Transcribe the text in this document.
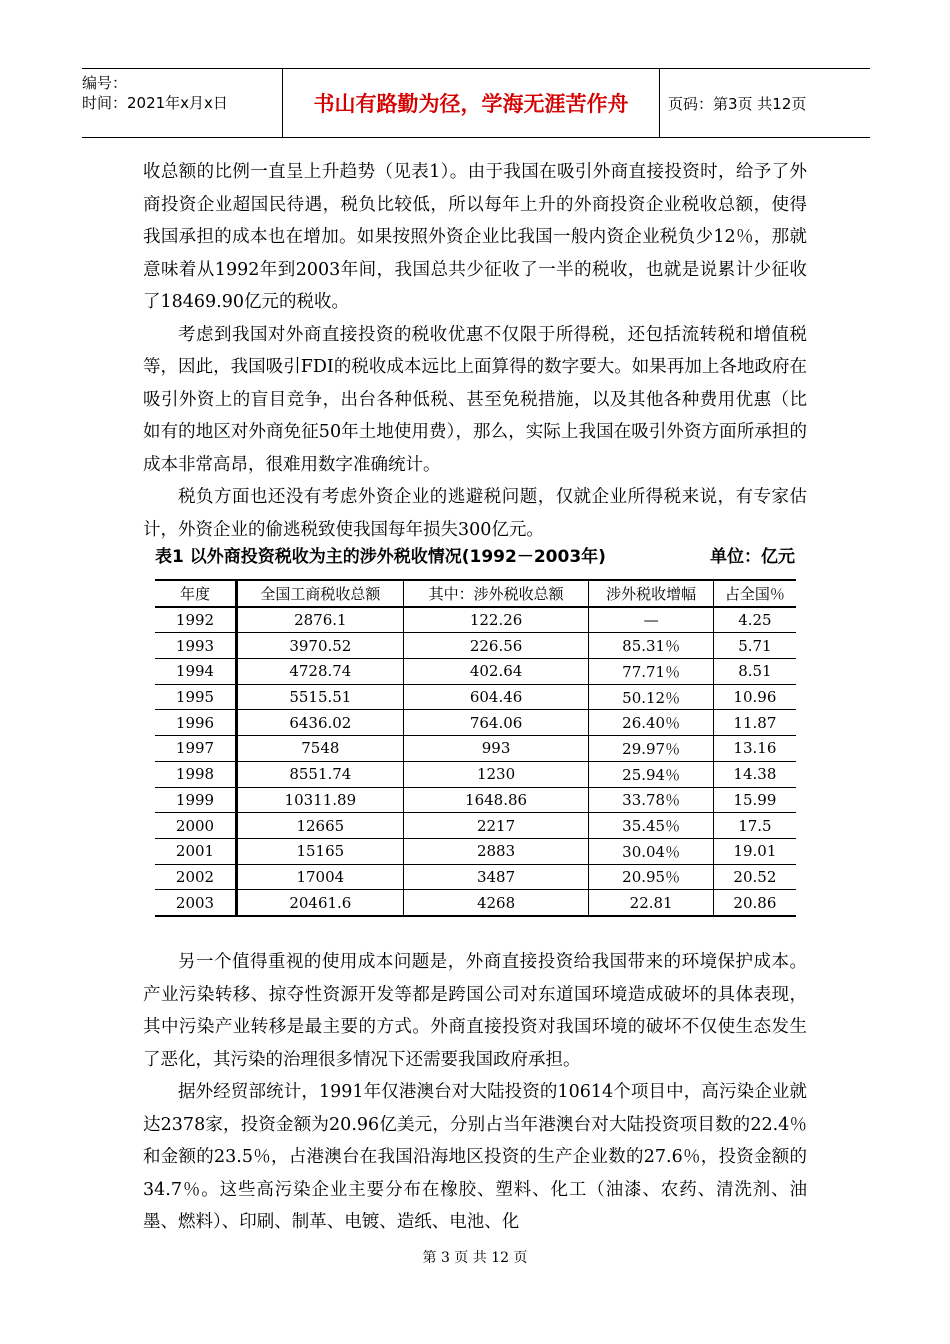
编号：
时间：2021年x月x日	书山有路勤为径，学海无涯苦作舟	页码：第3页 共12页

收总额的比例一直呈上升趋势（见表1）。由于我国在吸引外商直接投资时，给予了外商投资企业超国民待遇，税负比较低，所以每年上升的外商投资企业税收总额，使得我国承担的成本也在增加。如果按照外资企业比我国一般内资企业税负少12％，那就意味着从1992年到2003年间，我国总共少征收了一半的税收，也就是说累计少征收了18469.90亿元的税收。

考虑到我国对外商直接投资的税收优惠不仅限于所得税，还包括流转税和增值税等，因此，我国吸引FDI的税收成本远比上面算得的数字要大。如果再加上各地政府在吸引外资上的盲目竞争，出台各种低税、甚至免税措施，以及其他各种费用优惠（比如有的地区对外商免征50年土地使用费），那么，实际上我国在吸引外资方面所承担的成本非常高昂，很难用数字准确统计。

税负方面也还没有考虑外资企业的逃避税问题，仅就企业所得税来说，有专家估计，外资企业的偷逃税致使我国每年损失300亿元。

表1 以外商投资税收为主的涉外税收情况(1992－2003年)	单位：亿元
年度	全国工商税收总额	其中：涉外税收总额	涉外税收增幅	占全国％
1992	2876.1	122.26	—	4.25
1993	3970.52	226.56	85.31％	5.71
1994	4728.74	402.64	77.71％	8.51
1995	5515.51	604.46	50.12％	10.96
1996	6436.02	764.06	26.40％	11.87
1997	7548	993	29.97％	13.16
1998	8551.74	1230	25.94％	14.38
1999	10311.89	1648.86	33.78％	15.99
2000	12665	2217	35.45％	17.5
2001	15165	2883	30.04％	19.01
2002	17004	3487	20.95％	20.52
2003	20461.6	4268	22.81	20.86

另一个值得重视的使用成本问题是，外商直接投资给我国带来的环境保护成本。产业污染转移、掠夺性资源开发等都是跨国公司对东道国环境造成破坏的具体表现，其中污染产业转移是最主要的方式。外商直接投资对我国环境的破坏不仅使生态发生了恶化，其污染的治理很多情况下还需要我国政府承担。

据外经贸部统计，1991年仅港澳台对大陆投资的10614个项目中，高污染企业就达2378家，投资金额为20.96亿美元，分别占当年港澳台对大陆投资项目数的22.4％和金额的23.5％，占港澳台在我国沿海地区投资的生产企业数的27.6％，投资金额的34.7％。这些高污染企业主要分布在橡胶、塑料、化工（油漆、农药、清洗剂、油墨、燃料）、印刷、制革、电镀、造纸、电池、化

第 3 页 共 12 页
